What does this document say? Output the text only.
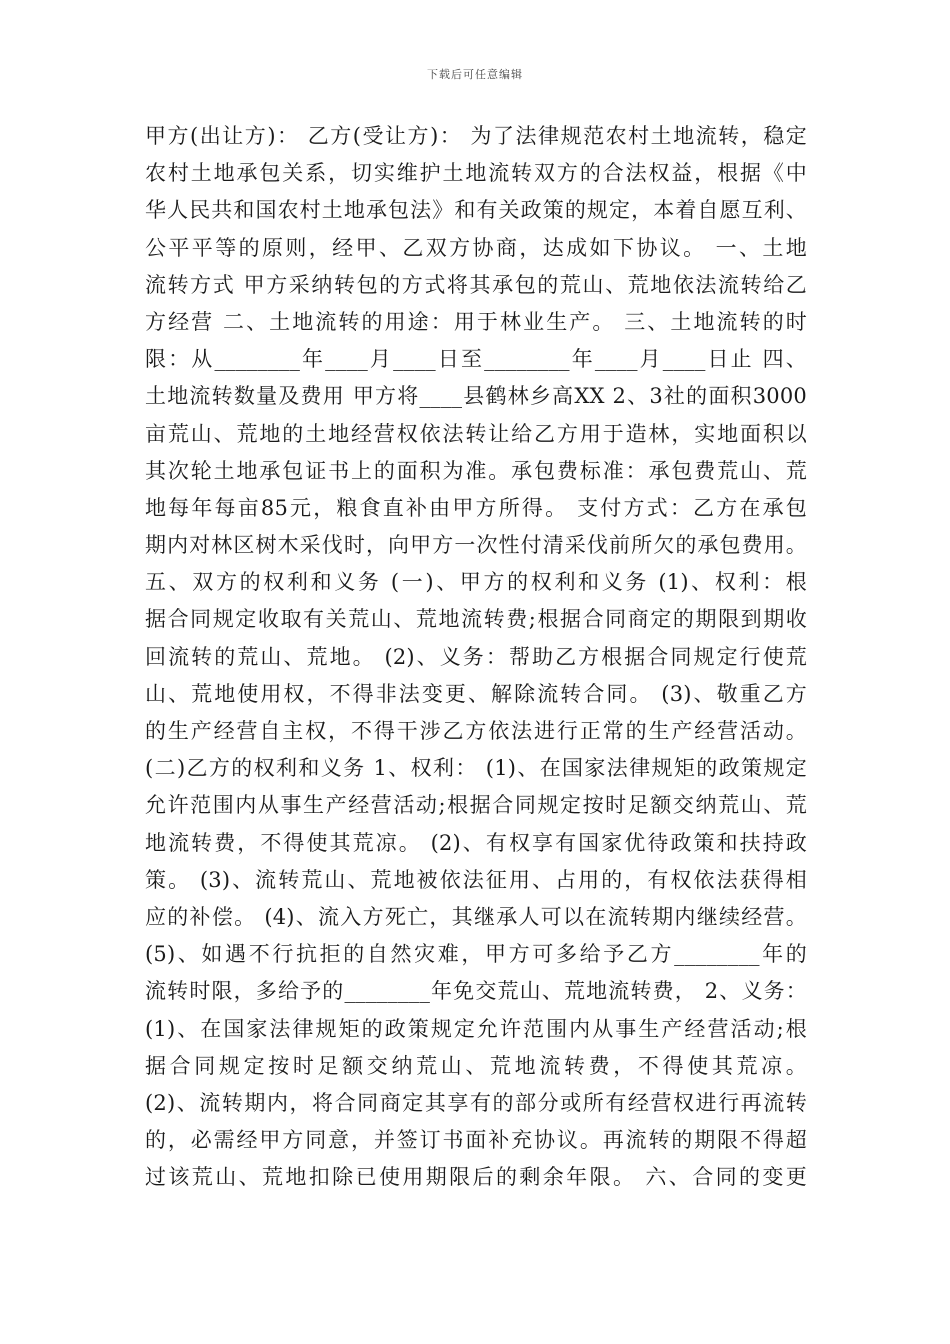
下载后可任意编辑
甲方(出让方)： 乙方(受让方)： 为了法律规范农村土地流转，稳定
农村土地承包关系，切实维护土地流转双方的合法权益，根据《中
华人民共和国农村土地承包法》和有关政策的规定，本着自愿互利、
公平平等的原则，经甲、乙双方协商，达成如下协议。 一、土地
流转方式 甲方采纳转包的方式将其承包的荒山、荒地依法流转给乙
方经营 二、土地流转的用途：用于林业生产。 三、土地流转的时
限：从________年____月____日至________年____月____日止 四、
土地流转数量及费用 甲方将____县鹤林乡高XX 2、3社的面积3000
亩荒山、荒地的土地经营权依法转让给乙方用于造林，实地面积以
其次轮土地承包证书上的面积为准。承包费标准：承包费荒山、荒
地每年每亩85元，粮食直补由甲方所得。 支付方式：乙方在承包
期内对林区树木采伐时，向甲方一次性付清采伐前所欠的承包费用。
五、双方的权利和义务 (一)、甲方的权利和义务 (1)、权利：根
据合同规定收取有关荒山、荒地流转费;根据合同商定的期限到期收
回流转的荒山、荒地。 (2)、义务：帮助乙方根据合同规定行使荒
山、荒地使用权，不得非法变更、解除流转合同。 (3)、敬重乙方
的生产经营自主权，不得干涉乙方依法进行正常的生产经营活动。
(二)乙方的权利和义务 1、权利： (1)、在国家法律规矩的政策规定
允许范围内从事生产经营活动;根据合同规定按时足额交纳荒山、荒
地流转费，不得使其荒凉。 (2)、有权享有国家优待政策和扶持政
策。 (3)、流转荒山、荒地被依法征用、占用的，有权依法获得相
应的补偿。 (4)、流入方死亡，其继承人可以在流转期内继续经营。
(5)、如遇不行抗拒的自然灾难，甲方可多给予乙方________年的
流转时限，多给予的________年免交荒山、荒地流转费， 2、义务：
(1)、在国家法律规矩的政策规定允许范围内从事生产经营活动;根
据合同规定按时足额交纳荒山、荒地流转费，不得使其荒凉。
(2)、流转期内，将合同商定其享有的部分或所有经营权进行再流转
的，必需经甲方同意，并签订书面补充协议。再流转的期限不得超
过该荒山、荒地扣除已使用期限后的剩余年限。 六、合同的变更
